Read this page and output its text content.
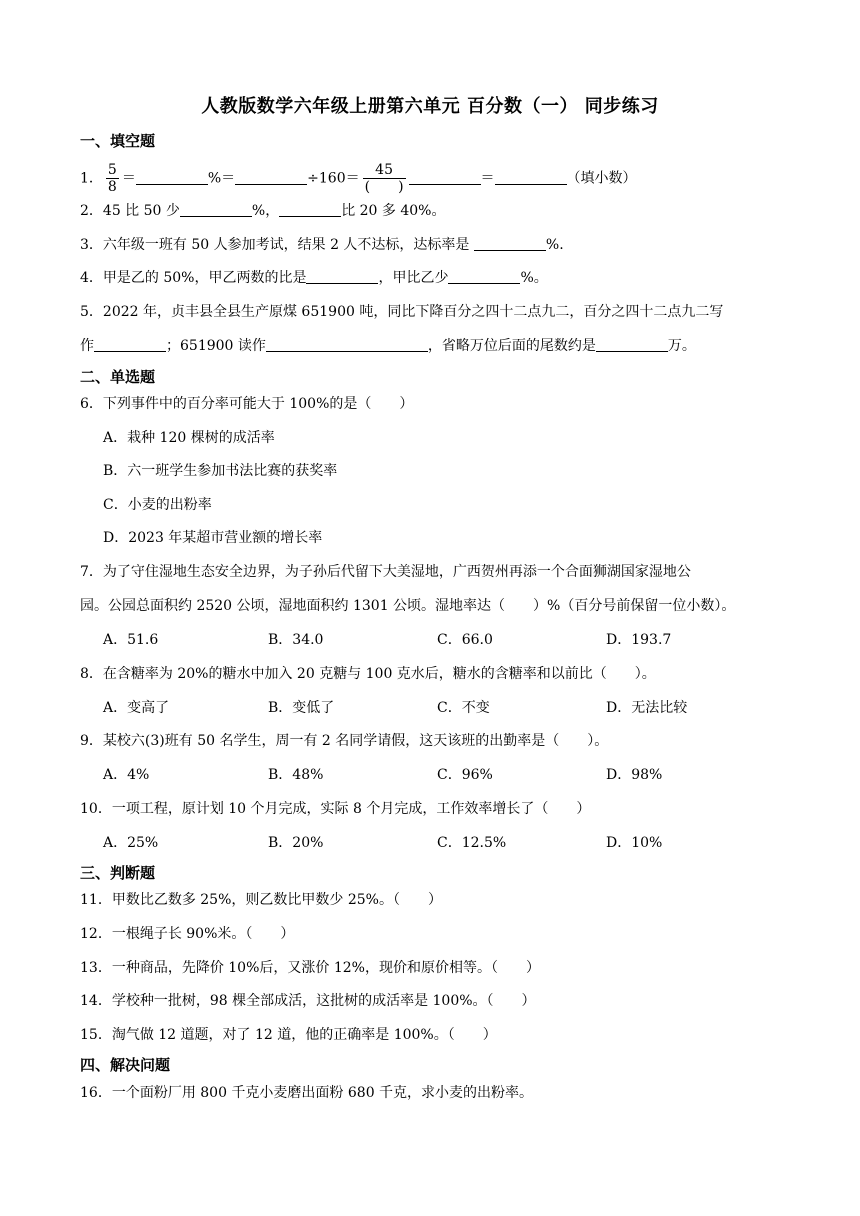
人教版数学六年级上册第六单元 百分数（一） 同步练习
一、填空题
1． $\frac{5}{8}$ ＝	%＝	$\div 160= \frac{45}{( )}$	＝	（填小数）
2．45 比 50 少	%，	比 20 多 40%。
3．六年级一班有 50 人参加考试，结果 2 人不达标，达标率是	%.
4．甲是乙的 50%，甲乙两数的比是	，甲比乙少	%。
5．2022 年，贞丰县全县生产原煤 651900 吨，同比下降百分之四十二点九二，百分之四十二点九二写
作	；651900 读作	，省略万位后面的尾数约是	万。
二、单选题
6．下列事件中的百分率可能大于 100%的是（　　）
A．栽种 120 棵树的成活率
B．六一班学生参加书法比赛的获奖率
C．小麦的出粉率
D．2023 年某超市营业额的增长率
7．为了守住湿地生态安全边界，为子孙后代留下大美湿地，广西贺州再添一个合面狮湖国家湿地公
园。公园总面积约 2520 公顷，湿地面积约 1301 公顷。湿地率达（　　）%（百分号前保留一位小数）。
A．51.6	B．34.0	C．66.0	D．193.7
8．在含糖率为 20%的糖水中加入 20 克糖与 100 克水后，糖水的含糖率和以前比（　　）。
A．变高了	B．变低了	C．不变	D．无法比较
9．某校六(3)班有 50 名学生，周一有 2 名同学请假，这天该班的出勤率是（　　）。
A．4%	B．48%	C．96%	D．98%
10．一项工程，原计划 10 个月完成，实际 8 个月完成，工作效率增长了（　　）
A．25%	B．20%	C．12.5%	D．10%
三、判断题
11．甲数比乙数多 25%，则乙数比甲数少 25%。（　　）
12．一根绳子长 90%米。（　　）
13．一种商品，先降价 10%后，又涨价 12%，现价和原价相等。（　　）
14．学校种一批树，98 棵全部成活，这批树的成活率是 100%。（　　）
15．淘气做 12 道题，对了 12 道，他的正确率是 100%。（　　）
四、解决问题
16．一个面粉厂用 800 千克小麦磨出面粉 680 千克，求小麦的出粉率。
